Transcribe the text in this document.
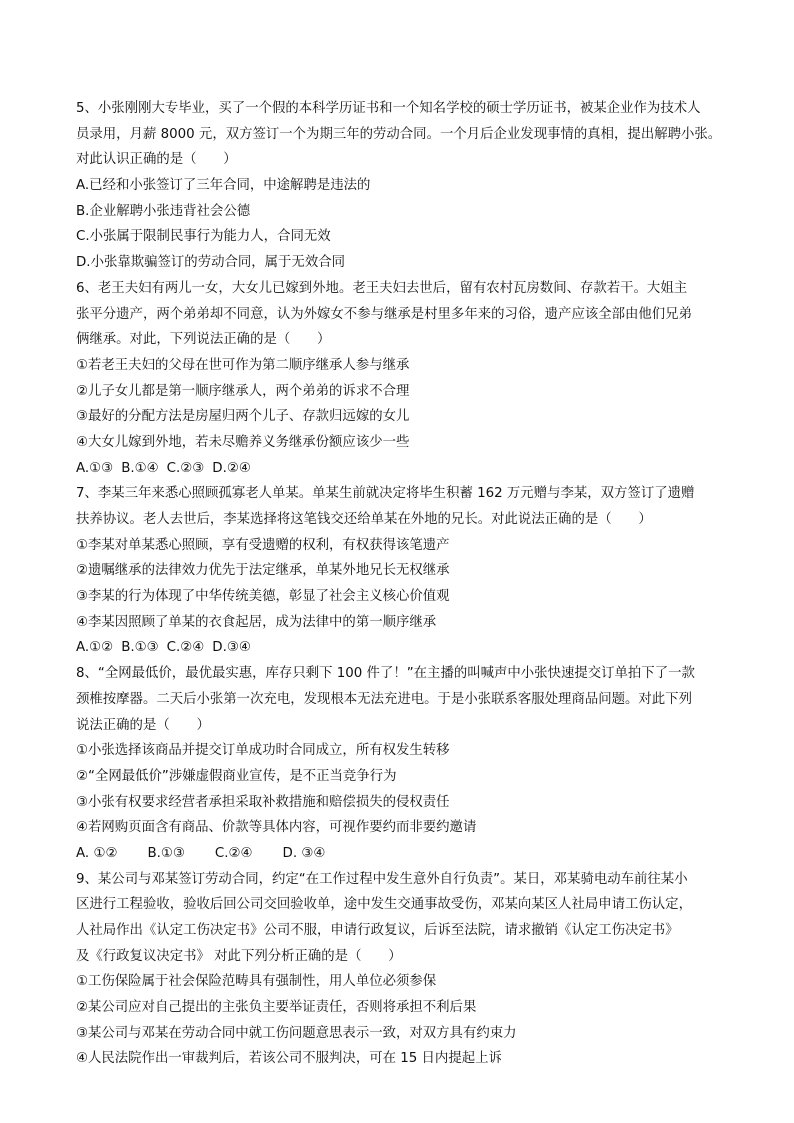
5、小张刚刚大专毕业，买了一个假的本科学历证书和一个知名学校的硕士学历证书，被某企业作为技术人
员录用，月薪 8000 元，双方签订一个为期三年的劳动合同。一个月后企业发现事情的真相，提出解聘小张。
对此认识正确的是（　　）
A.已经和小张签订了三年合同，中途解聘是违法的
B.企业解聘小张违背社会公德
C.小张属于限制民事行为能力人，合同无效
D.小张靠欺骗签订的劳动合同，属于无效合同
6、老王夫妇有两儿一女，大女儿已嫁到外地。老王夫妇去世后，留有农村瓦房数间、存款若干。大姐主
张平分遗产，两个弟弟却不同意，认为外嫁女不参与继承是村里多年来的习俗，遗产应该全部由他们兄弟
俩继承。对此，下列说法正确的是（　　）
①若老王夫妇的父母在世可作为第二顺序继承人参与继承
②儿子女儿都是第一顺序继承人，两个弟弟的诉求不合理
③最好的分配方法是房屋归两个儿子、存款归远嫁的女儿
④大女儿嫁到外地，若未尽赡养义务继承份额应该少一些
A.①③ B.①④ C.②③ D.②④
7、李某三年来悉心照顾孤寡老人单某。单某生前就决定将毕生积蓄 162 万元赠与李某，双方签订了遗赠
扶养协议。老人去世后，李某选择将这笔钱交还给单某在外地的兄长。对此说法正确的是（　　）
①李某对单某悉心照顾，享有受遗赠的权利，有权获得该笔遗产
②遗嘱继承的法律效力优先于法定继承，单某外地兄长无权继承
③李某的行为体现了中华传统美德，彰显了社会主义核心价值观
④李某因照顾了单某的衣食起居，成为法律中的第一顺序继承
A.①② B.①③ C.②④ D.③④
8、“全网最低价，最优最实惠，库存只剩下 100 件了！”在主播的叫喊声中小张快速提交订单拍下了一款
颈椎按摩器。二天后小张第一次充电，发现根本无法充进电。于是小张联系客服处理商品问题。对此下列
说法正确的是（　　）
①小张选择该商品并提交订单成功时合同成立，所有权发生转移
②“全网最低价”涉嫌虚假商业宣传，是不正当竞争行为
③小张有权要求经营者承担采取补救措施和赔偿损失的侵权责任
④若网购页面含有商品、价款等具体内容，可视作要约而非要约邀请
A. ①② B.①③ C.②④ D. ③④
9、某公司与邓某签订劳动合同，约定“在工作过程中发生意外自行负责”。某日，邓某骑电动车前往某小
区进行工程验收，验收后回公司交回验收单，途中发生交通事故受伤，邓某向某区人社局申请工伤认定，
人社局作出《认定工伤决定书》公司不服，申请行政复议，后诉至法院，请求撤销《认定工伤决定书》
及《行政复议决定书》 对此下列分析正确的是（　　）
①工伤保险属于社会保险范畴具有强制性，用人单位必须参保
②某公司应对自己提出的主张负主要举证责任，否则将承担不利后果
③某公司与邓某在劳动合同中就工伤问题意思表示一致，对双方具有约束力
④人民法院作出一审裁判后，若该公司不服判决，可在 15 日内提起上诉
